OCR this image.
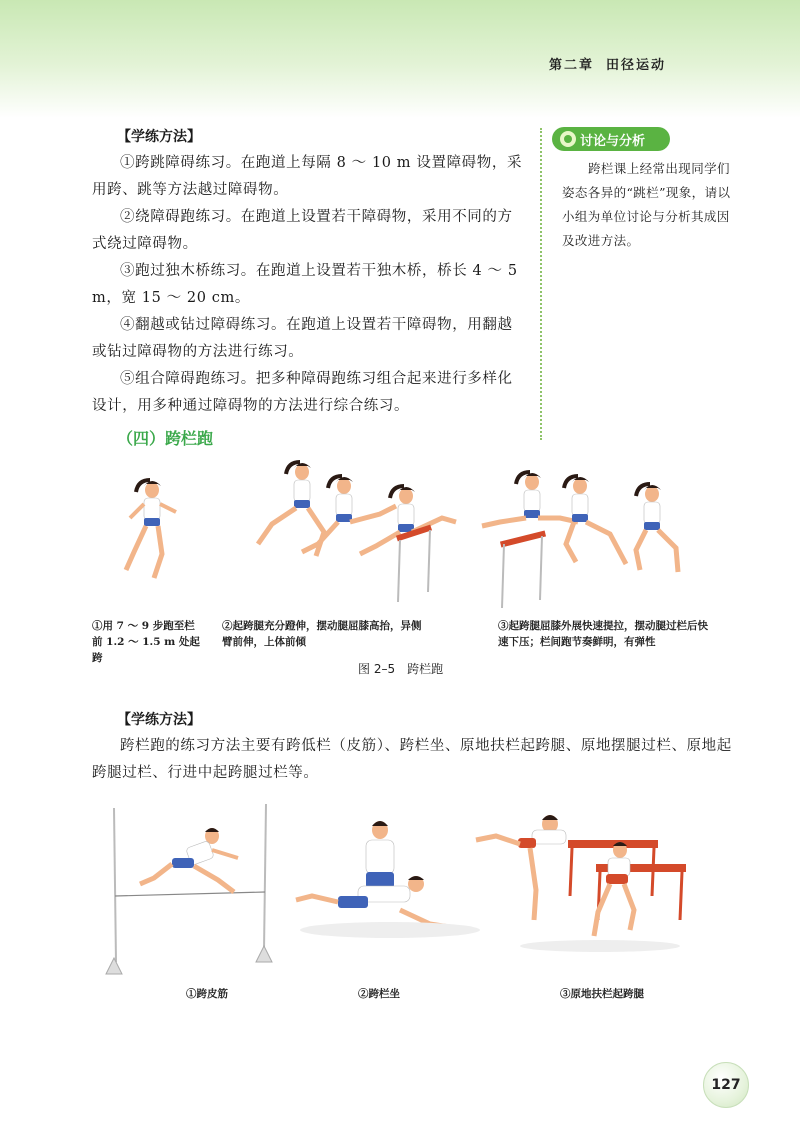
第二章 田径运动
【学练方法】
①跨跳障碍练习。在跑道上每隔 8 ～ 10 m 设置障碍物，采用跨、跳等方法越过障碍物。
②绕障碍跑练习。在跑道上设置若干障碍物，采用不同的方式绕过障碍物。
③跑过独木桥练习。在跑道上设置若干独木桥，桥长 4 ～ 5 m，宽 15 ～ 20 cm。
④翻越或钻过障碍练习。在跑道上设置若干障碍物，用翻越或钻过障碍物的方法进行练习。
⑤组合障碍跑练习。把多种障碍跑练习组合起来进行多样化设计，用多种通过障碍物的方法进行综合练习。
讨论与分析
跨栏课上经常出现同学们姿态各异的“跳栏”现象，请以小组为单位讨论与分析其成因及改进方法。
（四）跨栏跑
①用 7 ～ 9 步跑至栏前 1.2 ～ 1.5 m 处起跨
②起跨腿充分蹬伸，摆动腿屈膝高抬，异侧臂前伸，上体前倾
③起跨腿屈膝外展快速提拉，摆动腿过栏后快速下压；栏间跑节奏鲜明，有弹性
图 2–5　跨栏跑
【学练方法】
跨栏跑的练习方法主要有跨低栏（皮筋）、跨栏坐、原地扶栏起跨腿、原地摆腿过栏、原地起跨腿过栏、行进中起跨腿过栏等。
①跨皮筋	②跨栏坐	③原地扶栏起跨腿
127
